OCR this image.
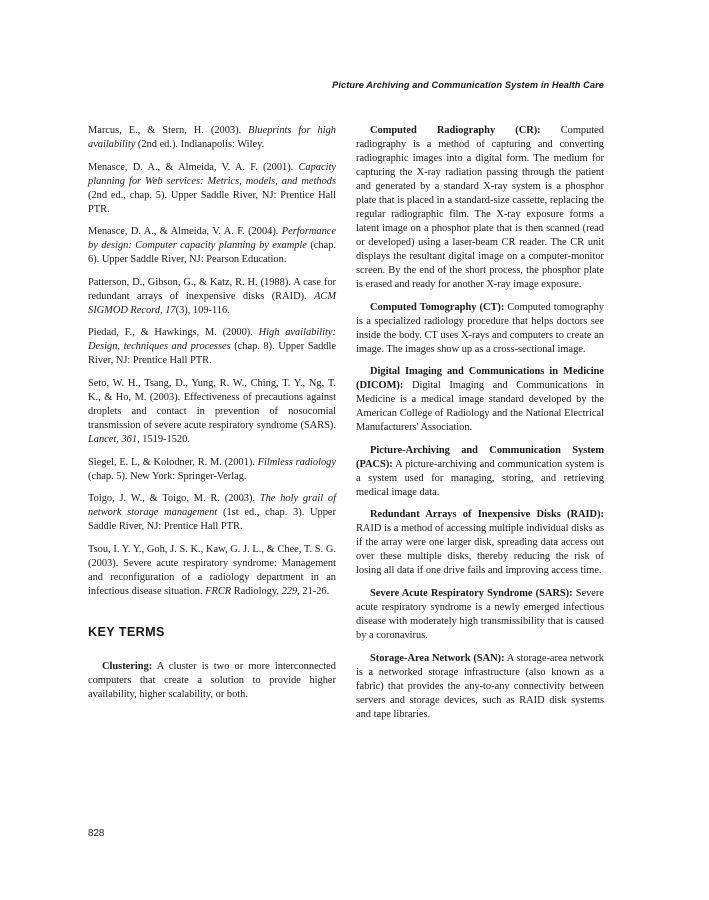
Picture Archiving and Communication System in Health Care

Marcus, E., & Stern, H. (2003). Blueprints for high availability (2nd ed.). Indianapolis: Wiley.

Menasce, D. A., & Almeida, V. A. F. (2001). Capacity planning for Web services: Metrics, models, and methods (2nd ed., chap. 5). Upper Saddle River, NJ: Prentice Hall PTR.

Menasce, D. A., & Almeida, V. A. F. (2004). Performance by design: Computer capacity planning by example (chap. 6). Upper Saddle River, NJ: Pearson Education.

Patterson, D., Gibson, G., & Katz, R. H. (1988). A case for redundant arrays of inexpensive disks (RAID). ACM SIGMOD Record, 17(3), 109-116.

Piedad, F., & Hawkings, M. (2000). High availability: Design, techniques and processes (chap. 8). Upper Saddle River, NJ: Prentice Hall PTR.

Seto, W. H., Tsang, D., Yung, R. W., Ching, T. Y., Ng, T. K., & Ho, M. (2003). Effectiveness of precautions against droplets and contact in prevention of nosocomial transmission of severe acute respiratory syndrome (SARS). Lancet, 361, 1519-1520.

Siegel, E. L, & Kolodner, R. M. (2001). Filmless radiology (chap. 5). New York: Springer-Verlag.

Toigo, J. W., & Toigo, M. R. (2003). The holy grail of network storage management (1st ed., chap. 3). Upper Saddle River, NJ: Prentice Hall PTR.

Tsou, I. Y. Y., Goh, J. S. K., Kaw, G. J. L., & Chee, T. S. G. (2003). Severe acute respiratory syndrome: Management and reconfiguration of a radiology department in an infectious disease situation. FRCR Radiology, 229, 21-26.

KEY TERMS

Clustering: A cluster is two or more interconnected computers that create a solution to provide higher availability, higher scalability, or both.

Computed Radiography (CR): Computed radiography is a method of capturing and converting radiographic images into a digital form. The medium for capturing the X-ray radiation passing through the patient and generated by a standard X-ray system is a phosphor plate that is placed in a standard-size cassette, replacing the regular radiographic film. The X-ray exposure forms a latent image on a phosphor plate that is then scanned (read or developed) using a laser-beam CR reader. The CR unit displays the resultant digital image on a computer-monitor screen. By the end of the short process, the phosphor plate is erased and ready for another X-ray image exposure.

Computed Tomography (CT): Computed tomography is a specialized radiology procedure that helps doctors see inside the body. CT uses X-rays and computers to create an image. The images show up as a cross-sectional image.

Digital Imaging and Communications in Medicine (DICOM): Digital Imaging and Communications in Medicine is a medical image standard developed by the American College of Radiology and the National Electrical Manufacturers' Association.

Picture-Archiving and Communication System (PACS): A picture-archiving and communication system is a system used for managing, storing, and retrieving medical image data.

Redundant Arrays of Inexpensive Disks (RAID): RAID is a method of accessing multiple individual disks as if the array were one larger disk, spreading data access out over these multiple disks, thereby reducing the risk of losing all data if one drive fails and improving access time.

Severe Acute Respiratory Syndrome (SARS): Severe acute respiratory syndrome is a newly emerged infectious disease with moderately high transmissibility that is caused by a coronavirus.

Storage-Area Network (SAN): A storage-area network is a networked storage infrastructure (also known as a fabric) that provides the any-to-any connectivity between servers and storage devices, such as RAID disk systems and tape libraries.

828
